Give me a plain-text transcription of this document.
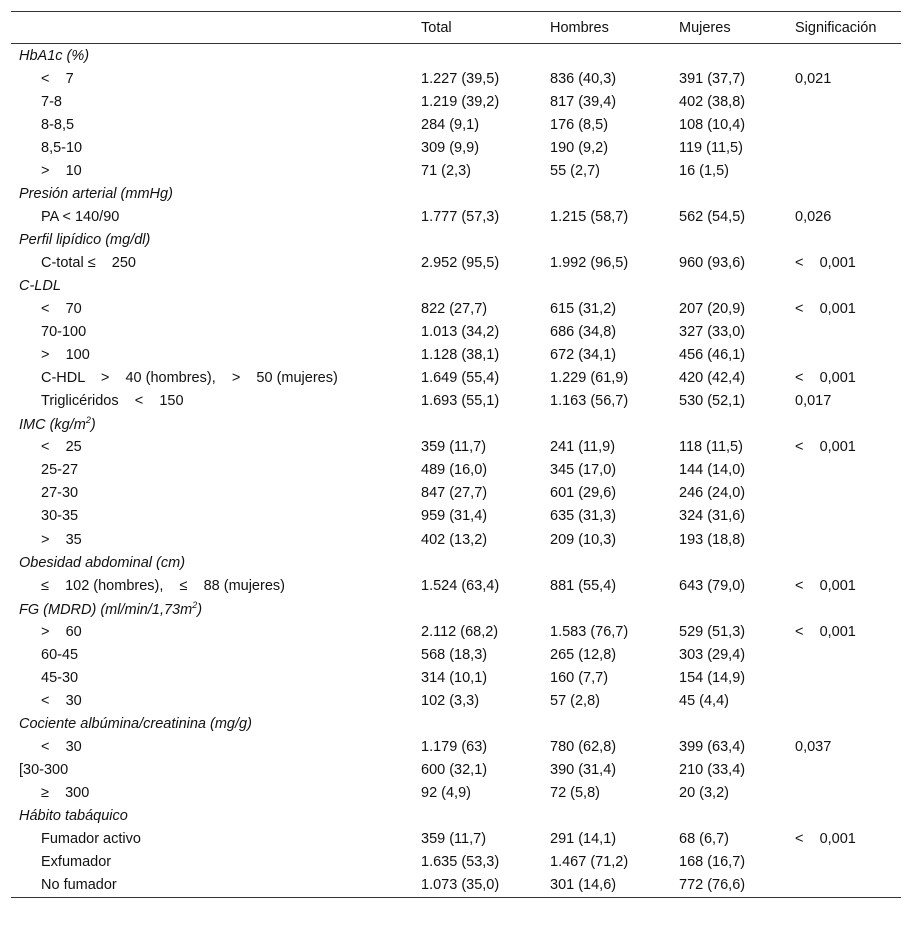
	Total	Hombres	Mujeres	Significación
HbA1c (%)				
<    7	1.227 (39,5)	836 (40,3)	391 (37,7)	0,021
7-8	1.219 (39,2)	817 (39,4)	402 (38,8)	
8-8,5	284 (9,1)	176 (8,5)	108 (10,4)	
8,5-10	309 (9,9)	190 (9,2)	119 (11,5)	
>    10	71 (2,3)	55 (2,7)	16 (1,5)	
Presión arterial (mmHg)				
PA < 140/90	1.777 (57,3)	1.215 (58,7)	562 (54,5)	0,026
Perfil lipídico (mg/dl)				
C-total ≤    250	2.952 (95,5)	1.992 (96,5)	960 (93,6)	<    0,001
C-LDL				
<    70	822 (27,7)	615 (31,2)	207 (20,9)	<    0,001
70-100	1.013 (34,2)	686 (34,8)	327 (33,0)	
>    100	1.128 (38,1)	672 (34,1)	456 (46,1)	
C-HDL    >    40 (hombres),    >    50 (mujeres)	1.649 (55,4)	1.229 (61,9)	420 (42,4)	<    0,001
Triglicéridos    <    150	1.693 (55,1)	1.163 (56,7)	530 (52,1)	0,017
IMC $(kg/m^2)$				
<    25	359 (11,7)	241 (11,9)	118 (11,5)	<    0,001
25-27	489 (16,0)	345 (17,0)	144 (14,0)	
27-30	847 (27,7)	601 (29,6)	246 (24,0)	
30-35	959 (31,4)	635 (31,3)	324 (31,6)	
>    35	402 (13,2)	209 (10,3)	193 (18,8)	
Obesidad abdominal (cm)				
≤    102 (hombres),    ≤    88 (mujeres)	1.524 (63,4)	881 (55,4)	643 (79,0)	<    0,001
FG (MDRD) $(ml/\min/1,73m^2)$				
>    60	2.112 (68,2)	1.583 (76,7)	529 (51,3)	<    0,001
60-45	568 (18,3)	265 (12,8)	303 (29,4)	
45-30	314 (10,1)	160 (7,7)	154 (14,9)	
<    30	102 (3,3)	57 (2,8)	45 (4,4)	
Cociente albúmina/creatinina (mg/g)				
<    30	1.179 (63)	780 (62,8)	399 (63,4)	0,037
[30-300	600 (32,1)	390 (31,4)	210 (33,4)	
≥    300	92 (4,9)	72 (5,8)	20 (3,2)	
Hábito tabáquico				
Fumador activo	359 (11,7)	291 (14,1)	68 (6,7)	<    0,001
Exfumador	1.635 (53,3)	1.467 (71,2)	168 (16,7)	
No fumador	1.073 (35,0)	301 (14,6)	772 (76,6)	
